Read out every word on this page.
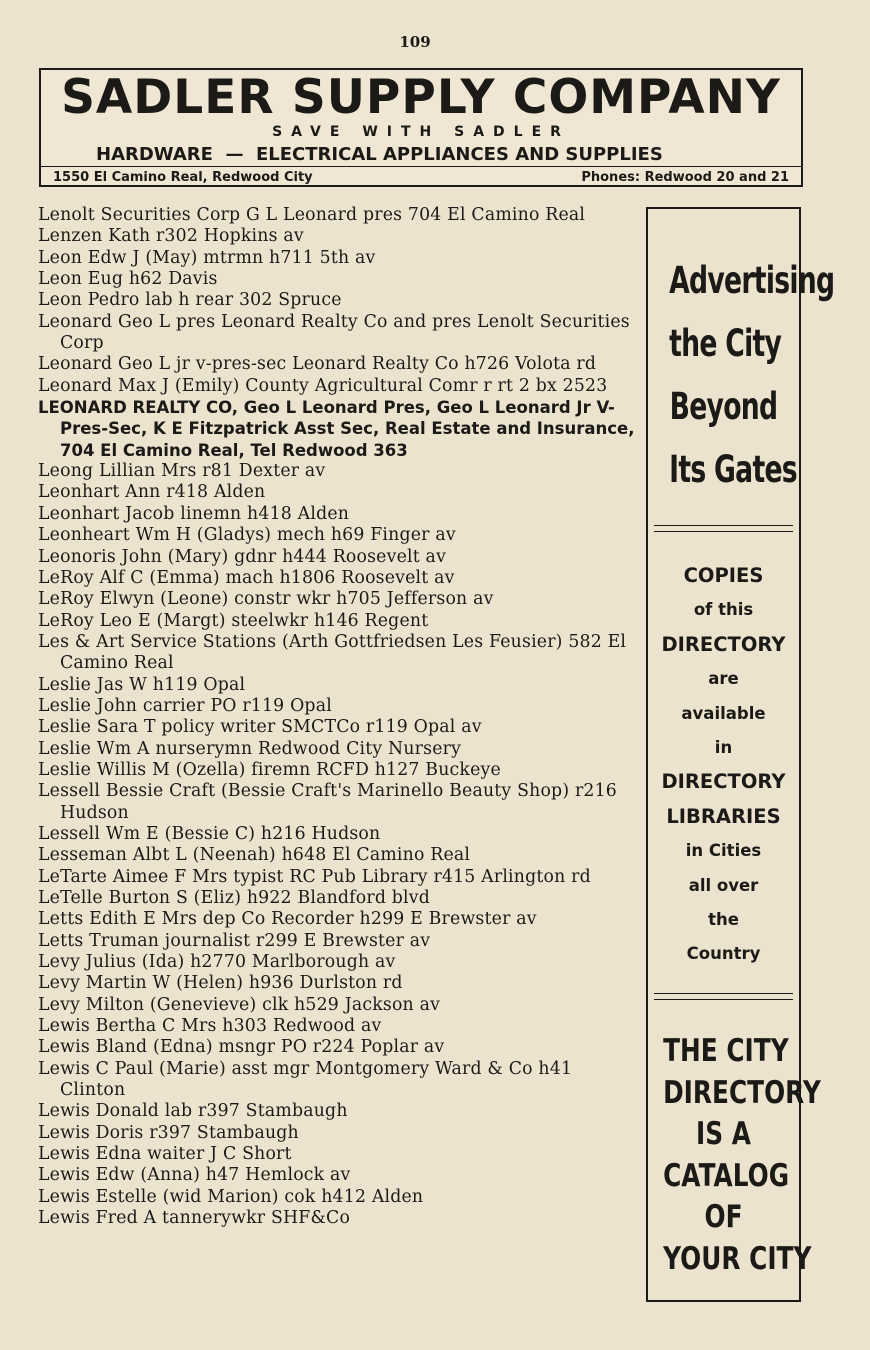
109
SADLER SUPPLY COMPANY
SAVE WITH SADLER
HARDWARE  —  ELECTRICAL APPLIANCES AND SUPPLIES
1550 El Camino Real, Redwood City	Phones: Redwood 20 and 21

Lenolt Securities Corp G L Leonard pres 704 El Camino Real

Lenzen Kath r302 Hopkins av

Leon Edw J (May) mtrmn h711 5th av

Leon Eug h62 Davis

Leon Pedro lab h rear 302 Spruce

Leonard Geo L pres Leonard Realty Co and pres Lenolt Securities Corp

Leonard Geo L jr v-pres-sec Leonard Realty Co h726 Volota rd

Leonard Max J (Emily) County Agricultural Comr r rt 2 bx 2523

LEONARD REALTY CO, Geo L Leonard Pres, Geo L Leonard Jr V-Pres-Sec, K E Fitzpatrick Asst Sec, Real Estate and Insurance, 704 El Camino Real, Tel Redwood 363

Leong Lillian Mrs r81 Dexter av

Leonhart Ann r418 Alden

Leonhart Jacob linemn h418 Alden

Leonheart Wm H (Gladys) mech h69 Finger av

Leonoris John (Mary) gdnr h444 Roosevelt av

LeRoy Alf C (Emma) mach h1806 Roosevelt av

LeRoy Elwyn (Leone) constr wkr h705 Jefferson av

LeRoy Leo E (Margt) steelwkr h146 Regent

Les & Art Service Stations (Arth Gottfriedsen Les Feusier) 582 El Camino Real

Leslie Jas W h119 Opal

Leslie John carrier PO r119 Opal

Leslie Sara T policy writer SMCTCo r119 Opal av

Leslie Wm A nurserymn Redwood City Nursery

Leslie Willis M (Ozella) firemn RCFD h127 Buckeye

Lessell Bessie Craft (Bessie Craft's Marinello Beauty Shop) r216 Hudson

Lessell Wm E (Bessie C) h216 Hudson

Lesseman Albt L (Neenah) h648 El Camino Real

LeTarte Aimee F Mrs typist RC Pub Library r415 Arlington rd

LeTelle Burton S (Eliz) h922 Blandford blvd

Letts Edith E Mrs dep Co Recorder h299 E Brewster av

Letts Truman journalist r299 E Brewster av

Levy Julius (Ida) h2770 Marlborough av

Levy Martin W (Helen) h936 Durlston rd

Levy Milton (Genevieve) clk h529 Jackson av

Lewis Bertha C Mrs h303 Redwood av

Lewis Bland (Edna) msngr PO r224 Poplar av

Lewis C Paul (Marie) asst mgr Montgomery Ward & Co h41 Clinton

Lewis Donald lab r397 Stambaugh

Lewis Doris r397 Stambaugh

Lewis Edna waiter J C Short

Lewis Edw (Anna) h47 Hemlock av

Lewis Estelle (wid Marion) cok h412 Alden

Lewis Fred A tannerywkr SHF&Co

Advertising
the City
Beyond
Its Gates
COPIES
of this
DIRECTORY
are
available
in
DIRECTORY
LIBRARIES
in Cities
all over
the
Country
THE CITY
DIRECTORY
IS A
CATALOG
OF
YOUR CITY
